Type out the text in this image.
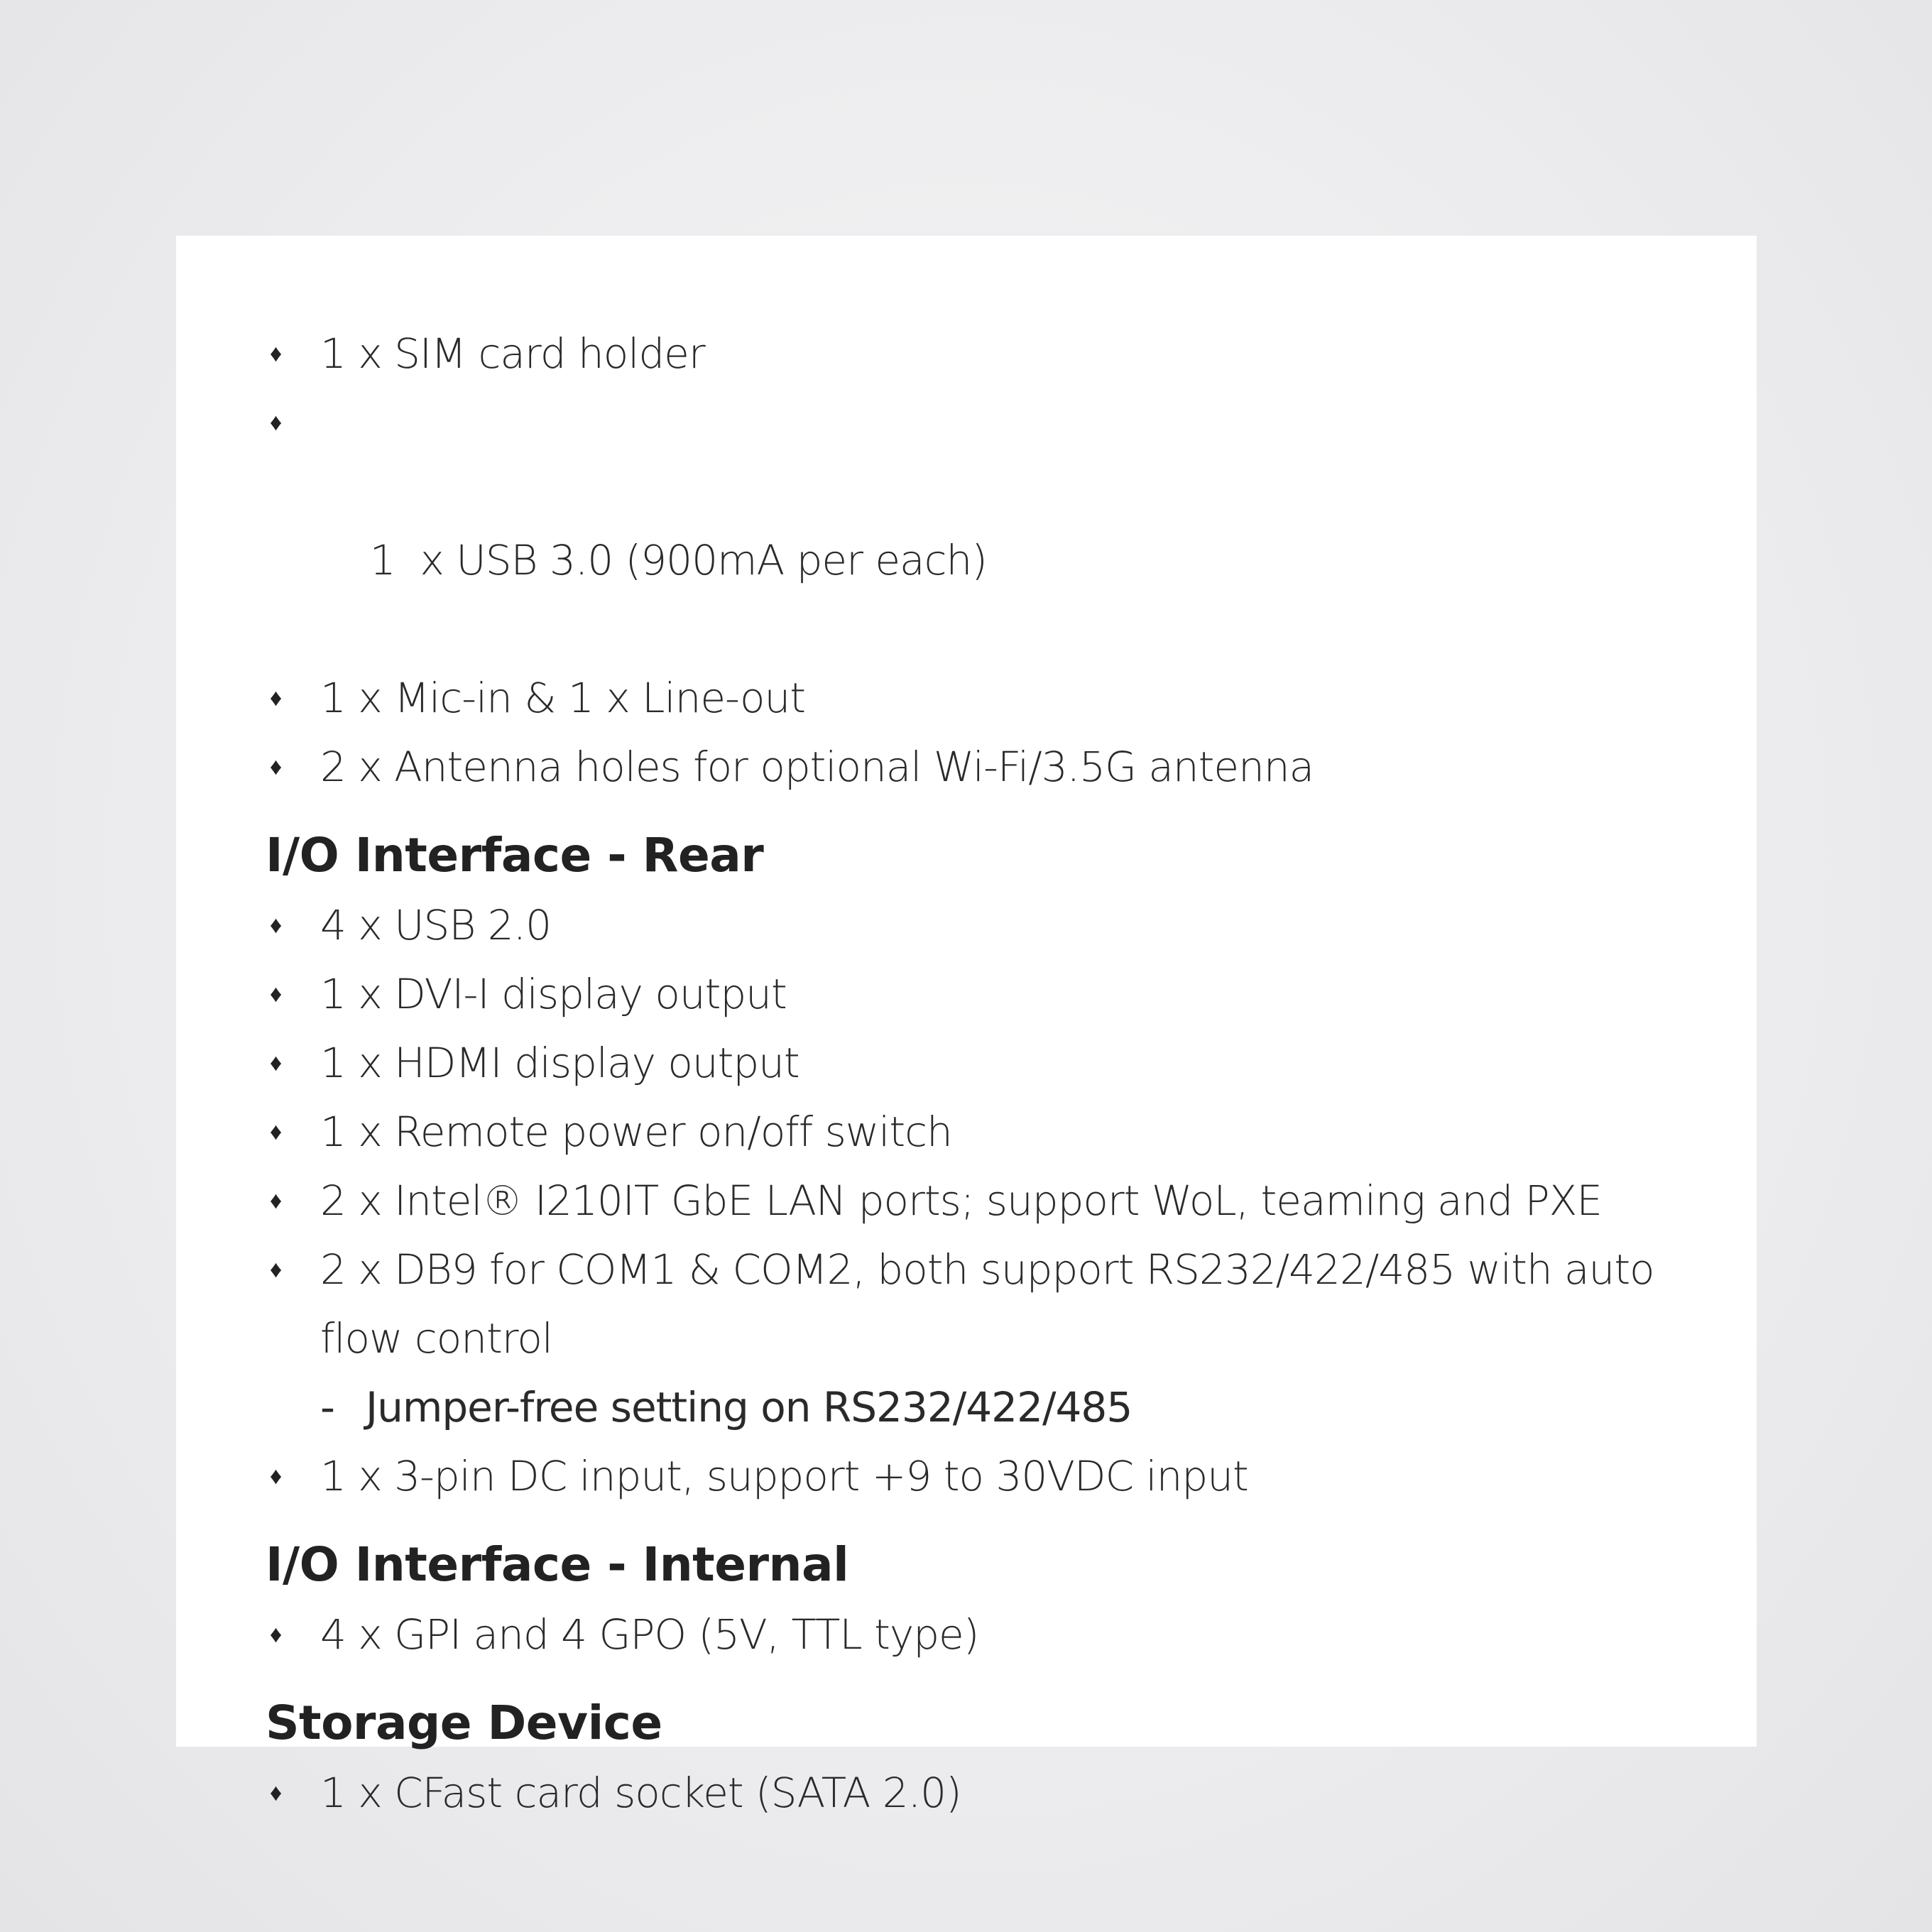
♦ 1 x SIM card holder

♦

1  x USB 3.0 (900mA per each)

♦ 1 x Mic-in & 1 x Line-out
♦ 2 x Antenna holes for optional Wi-Fi/3.5G antenna
I/O Interface - Rear
♦ 4 x USB 2.0
♦ 1 x DVI-I display output
♦ 1 x HDMI display output
♦ 1 x Remote power on/off switch
♦ 2 x Intel® I210IT GbE LAN ports; support WoL, teaming and PXE
♦ 2 x DB9 for COM1 & COM2, both support RS232/422/485 with auto flow control
- Jumper-free setting on RS232/422/485
♦ 1 x 3-pin DC input, support +9 to 30VDC input
I/O Interface - Internal
♦ 4 x GPI and 4 GPO (5V, TTL type)
Storage Device
♦ 1 x CFast card socket (SATA 2.0)
